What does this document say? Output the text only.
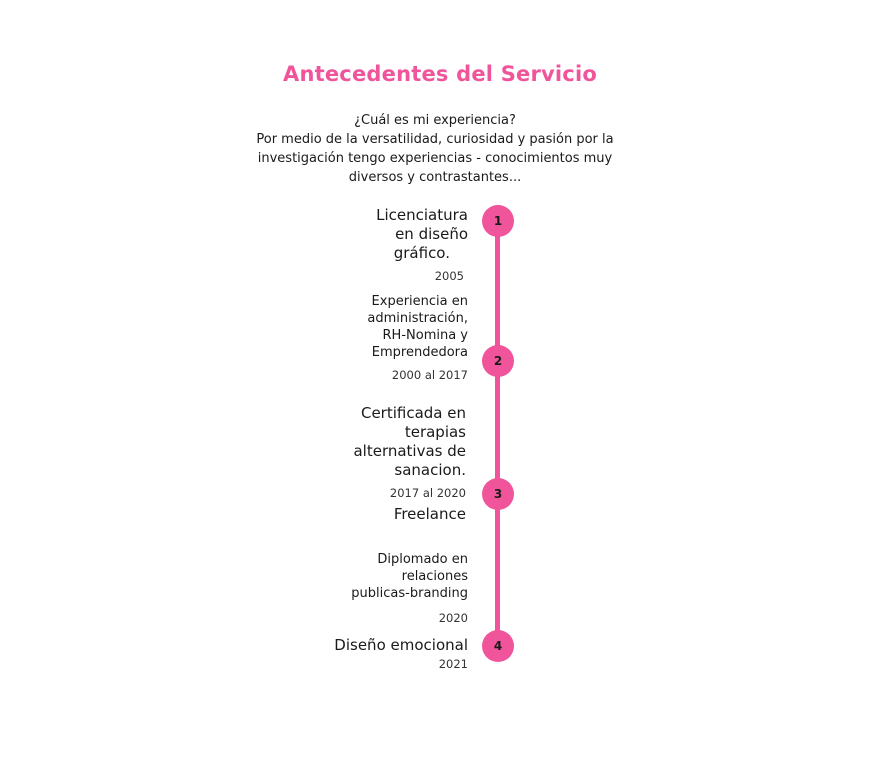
Antecedentes del Servicio
¿Cuál es mi experiencia?
Por medio de la versatilidad, curiosidad y pasión por la
investigación tengo experiencias - conocimientos muy
diversos y contrastantes...
1
2
3
4
Licenciatura
en diseño
gráfico.
2005
Experiencia en
administración,
RH-Nomina y
Emprendedora
2000 al 2017
Certificada en
terapias
alternativas de
sanacion.
2017 al 2020
Freelance
Diplomado en
relaciones
publicas-branding
2020
Diseño emocional
2021
